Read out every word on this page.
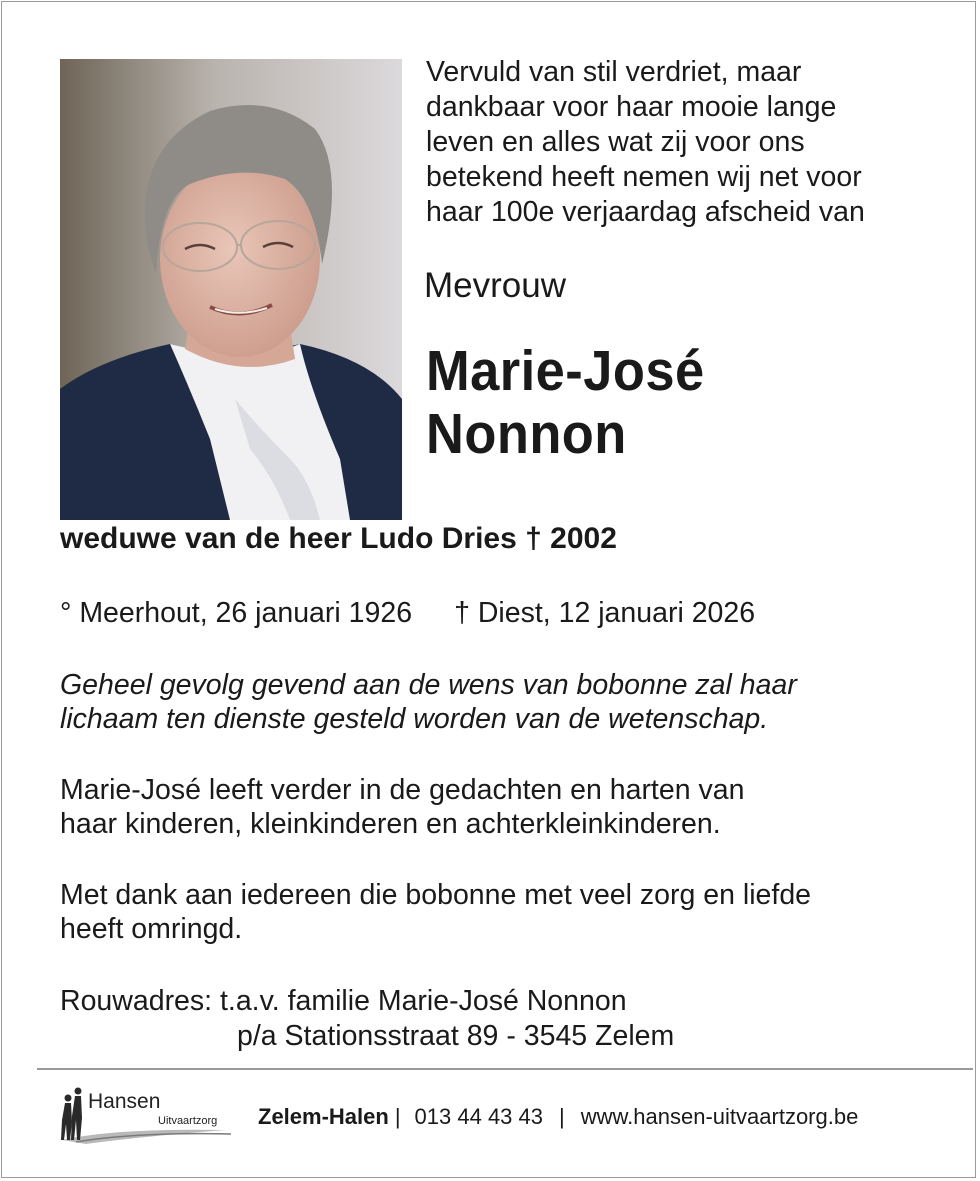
Vervuld van stil verdriet, maar
dankbaar voor haar mooie lange
leven en alles wat zij voor ons
betekend heeft nemen wij net voor
haar 100e verjaardag afscheid van
Mevrouw
Marie-José
Nonnon
weduwe van de heer Ludo Dries † 2002
° Meerhout, 26 januari 1926 † Diest, 12 januari 2026
Geheel gevolg gevend aan de wens van bobonne zal haar
lichaam ten dienste gesteld worden van de wetenschap.
Marie-José leeft verder in de gedachten en harten van
haar kinderen, kleinkinderen en achterkleinkinderen.
Met dank aan iedereen die bobonne met veel zorg en liefde
heeft omringd.
Rouwadres: t.a.v. familie Marie-José Nonnon
p/a Stationsstraat 89 - 3545 Zelem
Hansen
Uitvaartzorg Zelem-Halen | 013 44 43 43 | www.hansen-uitvaartzorg.be
